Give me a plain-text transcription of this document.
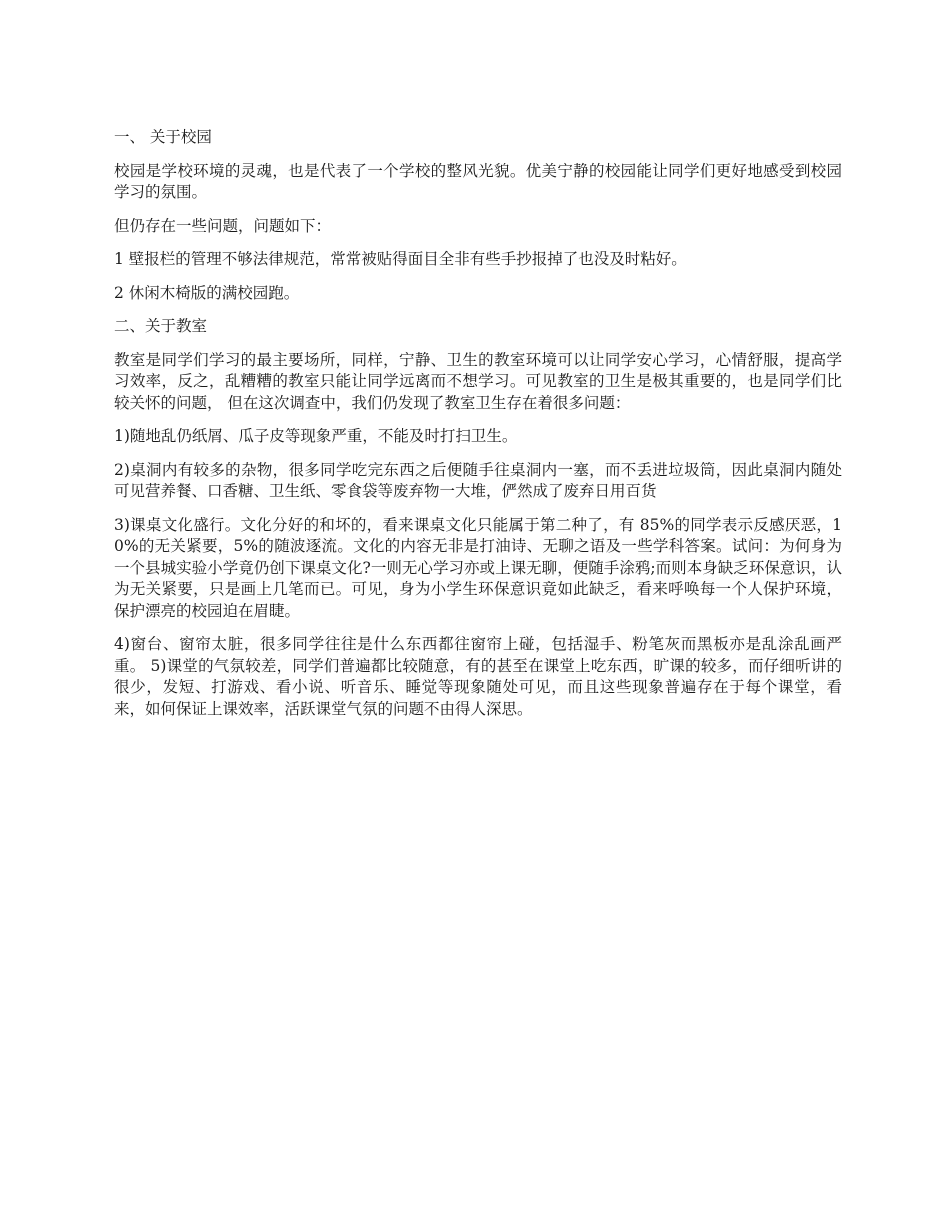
一、 关于校园

校园是学校环境的灵魂，也是代表了一个学校的整风光貌。优美宁静的校园能让同学们更好地感受到校园学习的氛围。

但仍存在一些问题，问题如下：

1 壁报栏的管理不够法律规范，常常被贴得面目全非有些手抄报掉了也没及时粘好。

2 休闲木椅版的满校园跑。

二、关于教室

教室是同学们学习的最主要场所，同样，宁静、卫生的教室环境可以让同学安心学习，心情舒服，提高学习效率，反之，乱糟糟的教室只能让同学远离而不想学习。可见教室的卫生是极其重要的，也是同学们比较关怀的问题， 但在这次调查中，我们仍发现了教室卫生存在着很多问题：

1)随地乱仍纸屑、瓜子皮等现象严重，不能及时打扫卫生。

2)桌洞内有较多的杂物，很多同学吃完东西之后便随手往桌洞内一塞，而不丢进垃圾筒，因此桌洞内随处可见营养餐、口香糖、卫生纸、零食袋等废弃物一大堆，俨然成了废弃日用百货

3)课桌文化盛行。文化分好的和坏的，看来课桌文化只能属于第二种了，有 85%的同学表示反感厌恶，10%的无关紧要，5%的随波逐流。文化的内容无非是打油诗、无聊之语及一些学科答案。试问：为何身为一个县城实验小学竟仍创下课桌文化?一则无心学习亦或上课无聊，便随手涂鸦;而则本身缺乏环保意识，认为无关紧要，只是画上几笔而已。可见，身为小学生环保意识竟如此缺乏，看来呼唤每一个人保护环境，保护漂亮的校园迫在眉睫。

4)窗台、窗帘太脏，很多同学往往是什么东西都往窗帘上碰，包括湿手、粉笔灰而黑板亦是乱涂乱画严重。 5)课堂的气氛较差，同学们普遍都比较随意，有的甚至在课堂上吃东西，旷课的较多，而仔细听讲的很少，发短、打游戏、看小说、听音乐、睡觉等现象随处可见，而且这些现象普遍存在于每个课堂，看来，如何保证上课效率，活跃课堂气氛的问题不由得人深思。
